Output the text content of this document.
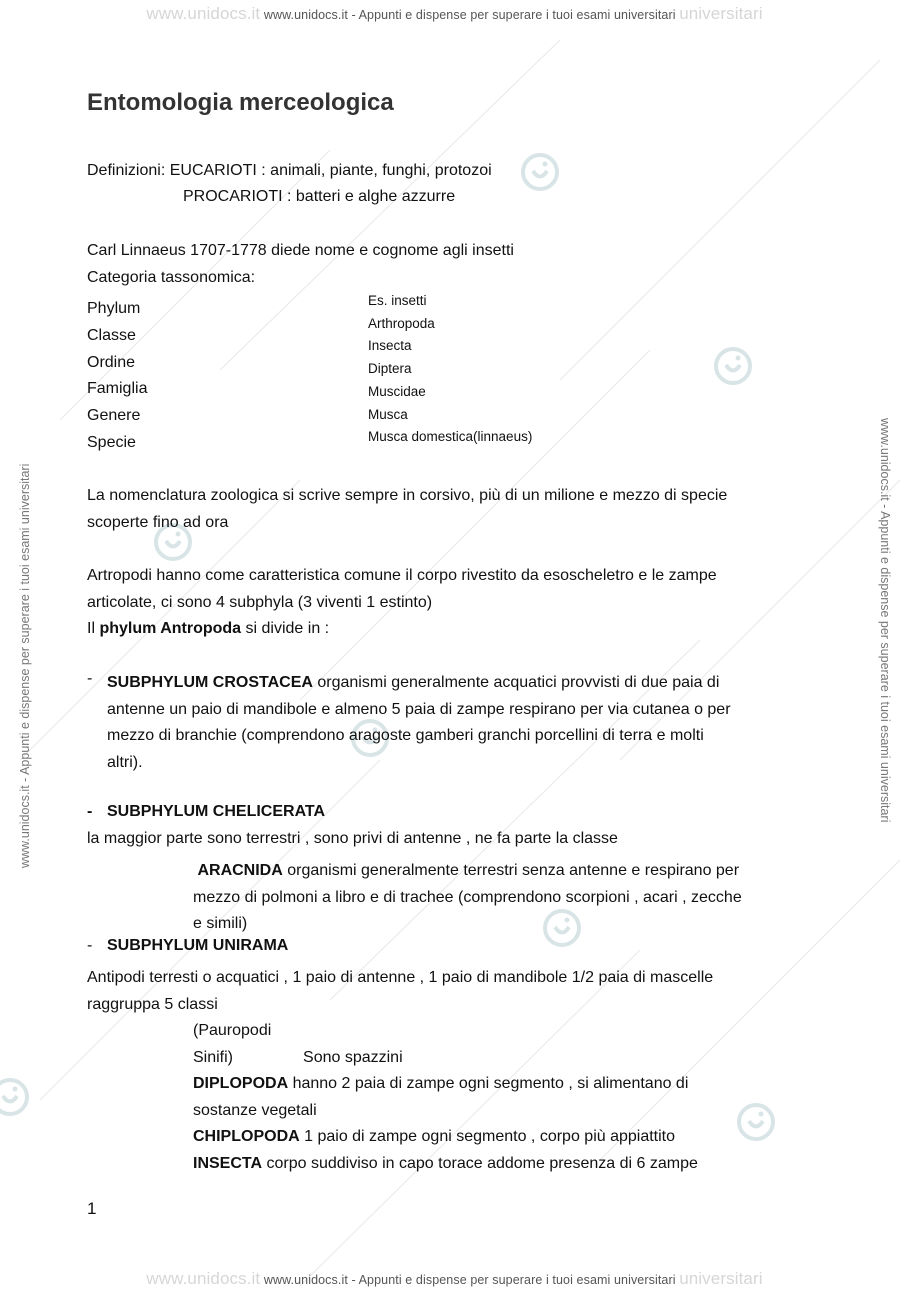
www.unidocs.it www.unidocs.it - Appunti e dispense per superare i tuoi esami universitari universitari
www.unidocs.it www.unidocs.it - Appunti e dispense per superare i tuoi esami universitari universitari
www.unidocs.it - Appunti e dispense per superare i tuoi esami universitari	www.unidocs.it - Appunti e dispense per superare i tuoi esami universitari
Entomologia merceologica
Definizioni: EUCARIOTI : animali, piante, funghi, protozoi
PROCARIOTI : batteri e alghe azzurre
Carl Linnaeus 1707-1778 diede nome e cognome agli insetti
Categoria tassonomica:
Phylum
Classe
Ordine
Famiglia
Genere
Specie
Es. insetti
Arthropoda
Insecta
Diptera
Muscidae
Musca
Musca domestica(linnaeus)
La nomenclatura zoologica si scrive sempre in corsivo, più di un milione e mezzo di specie
scoperte fino ad ora
Artropodi hanno come caratteristica comune il corpo rivestito da esoscheletro e le zampe
articolate, ci sono 4 subphyla (3 viventi 1 estinto)
Il phylum Antropoda si divide in :
- SUBPHYLUM CROSTACEA organismi generalmente acquatici provvisti di due paia di
antenne un paio di mandibole e almeno 5 paia di zampe respirano per via cutanea o per
mezzo di branchie (comprendono aragoste gamberi granchi porcellini di terra e molti
altri).
- SUBPHYLUM CHELICERATA
la maggior parte sono terrestri , sono privi di antenne , ne fa parte la classe
ARACNIDA organismi generalmente terrestri senza antenne e respirano per
mezzo di polmoni a libro e di trachee (comprendono scorpioni , acari , zecche
e simili)
- SUBPHYLUM UNIRAMA
Antipodi terresti o acquatici , 1 paio di antenne , 1 paio di mandibole 1/2 paia di mascelle
raggruppa 5 classi
(Pauropodi
Sinifi)	Sono spazzini
DIPLOPODA hanno 2 paia di zampe ogni segmento , si alimentano di
sostanze vegetali
CHIPLOPODA 1 paio di zampe ogni segmento , corpo più appiattito
INSECTA corpo suddiviso in capo torace addome presenza di 6 zampe
1
